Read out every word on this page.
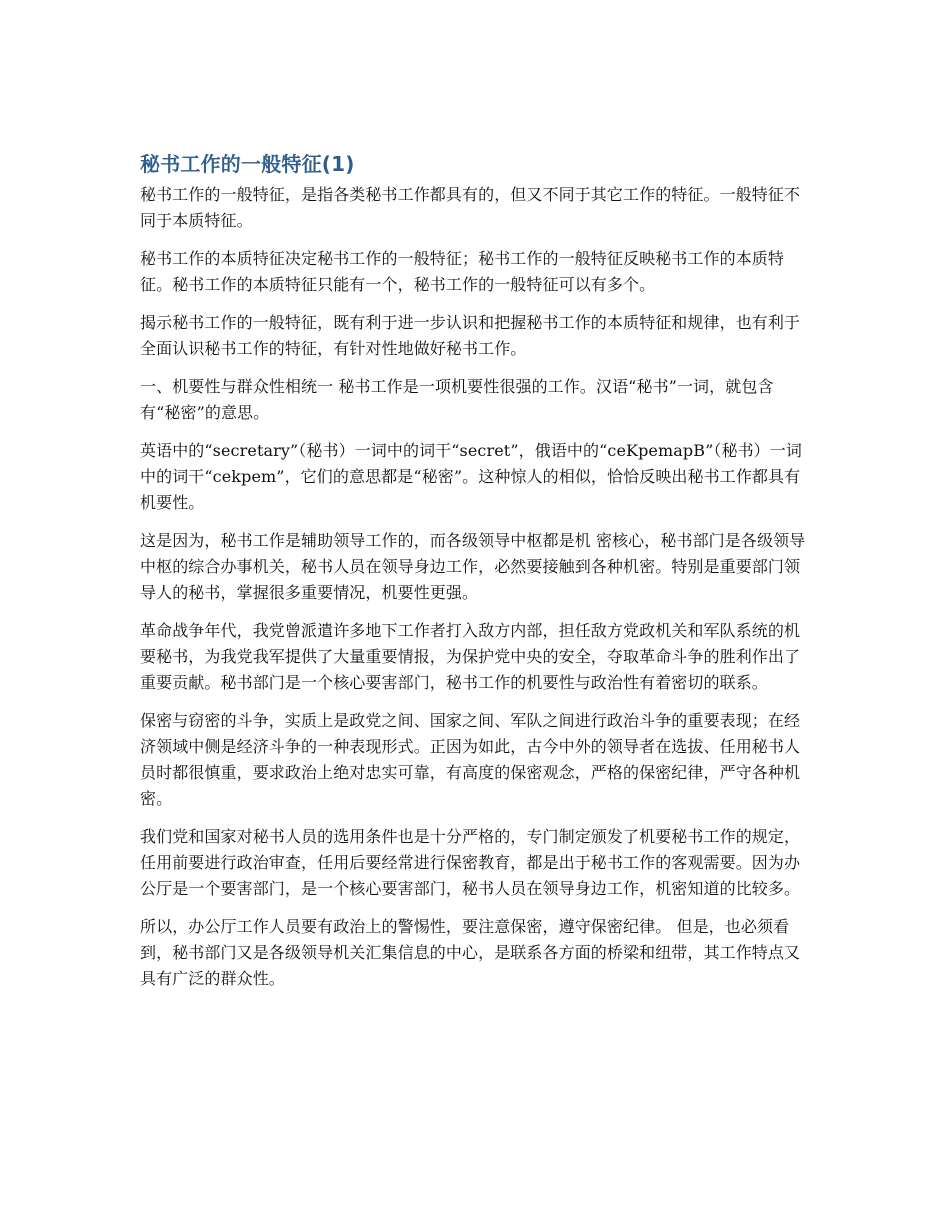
秘书工作的一般特征(1)

秘书工作的一般特征，是指各类秘书工作都具有的，但又不同于其它工作的特征。一般特征不同于本质特征。

秘书工作的本质特征决定秘书工作的一般特征；秘书工作的一般特征反映秘书工作的本质特征。秘书工作的本质特征只能有一个，秘书工作的一般特征可以有多个。

揭示秘书工作的一般特征，既有利于进一步认识和把握秘书工作的本质特征和规律，也有利于全面认识秘书工作的特征，有针对性地做好秘书工作。

一、机要性与群众性相统一 秘书工作是一项机要性很强的工作。汉语“秘书”一词，就包含有“秘密”的意思。

英语中的“secretary”（秘书）一词中的词干“secret”，俄语中的“ceKpemapB”（秘书）一词中的词干“cekpem”，它们的意思都是“秘密”。这种惊人的相似，恰恰反映出秘书工作都具有机要性。

这是因为，秘书工作是辅助领导工作的，而各级领导中枢都是机 密核心，秘书部门是各级领导中枢的综合办事机关，秘书人员在领导身边工作，必然要接触到各种机密。特别是重要部门领导人的秘书，掌握很多重要情况，机要性更强。

革命战争年代，我党曾派遣许多地下工作者打入敌方内部，担任敌方党政机关和军队系统的机要秘书，为我党我军提供了大量重要情报，为保护党中央的安全，夺取革命斗争的胜利作出了重要贡献。秘书部门是一个核心要害部门，秘书工作的机要性与政治性有着密切的联系。

保密与窃密的斗争，实质上是政党之间、国家之间、军队之间进行政治斗争的重要表现；在经济领域中侧是经济斗争的一种表现形式。正因为如此，古今中外的领导者在选拔、任用秘书人员时都很慎重，要求政治上绝对忠实可靠，有高度的保密观念，严格的保密纪律，严守各种机密。

我们党和国家对秘书人员的选用条件也是十分严格的，专门制定颁发了机要秘书工作的规定，任用前要进行政治审查，任用后要经常进行保密教育，都是出于秘书工作的客观需要。因为办公厅是一个要害部门，是一个核心要害部门，秘书人员在领导身边工作，机密知道的比较多。

所以，办公厅工作人员要有政治上的警惕性，要注意保密，遵守保密纪律。 但是，也必须看到，秘书部门又是各级领导机关汇集信息的中心，是联系各方面的桥梁和纽带，其工作特点又具有广泛的群众性。
